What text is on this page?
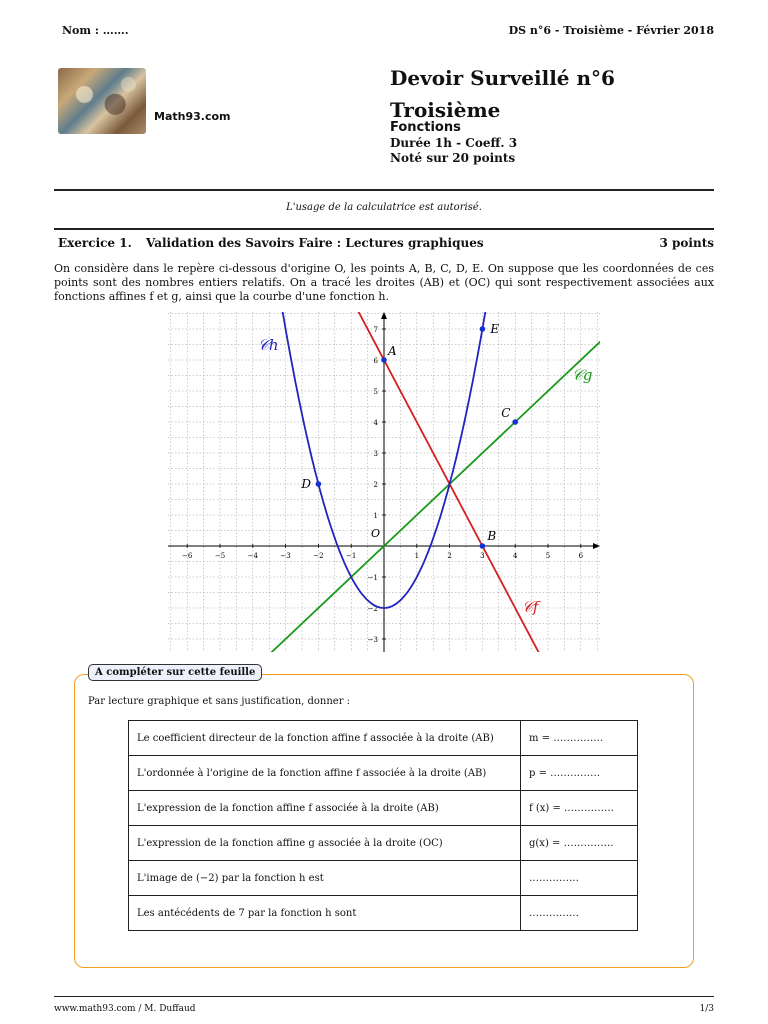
Nom : …….	DS n°6 - Troisième - Février 2018
Math93.com
Devoir Surveillé n°6
Troisième
Fonctions
Durée 1h - Coeff. 3
Noté sur 20 points
L'usage de la calculatrice est autorisé.
Exercice 1. Validation des Savoirs Faire : Lectures graphiques	3 points
On considère dans le repère ci-dessous d'origine O, les points A, B, C, D, E. On suppose que les coordonnées de ces points sont des nombres entiers relatifs. On a tracé les droites (AB) et (OC) qui sont respectivement associées aux fonctions affines f et g, ainsi que la courbe d'une fonction h.
−6	−5	−4	−3	−2	−1	1	2	3	4	5	6
−3
−2
−1
1
2
3
4
5
6
7
O
𝒞h
𝒞g
𝒞f
A
B
C
D
E
A compléter sur cette feuille
Par lecture graphique et sans justification, donner :
Le coefficient directeur de la fonction affine f associée à la droite (AB)	m = ……………
L'ordonnée à l'origine de la fonction affine f associée à la droite (AB)	p = ……………
L'expression de la fonction affine f associée à la droite (AB)	f (x) = ……………
L'expression de la fonction affine g associée à la droite (OC)	g(x) = ……………
L'image de (−2) par la fonction h est	……………
Les antécédents de 7 par la fonction h sont	……………
www.math93.com / M. Duffaud	1/3
